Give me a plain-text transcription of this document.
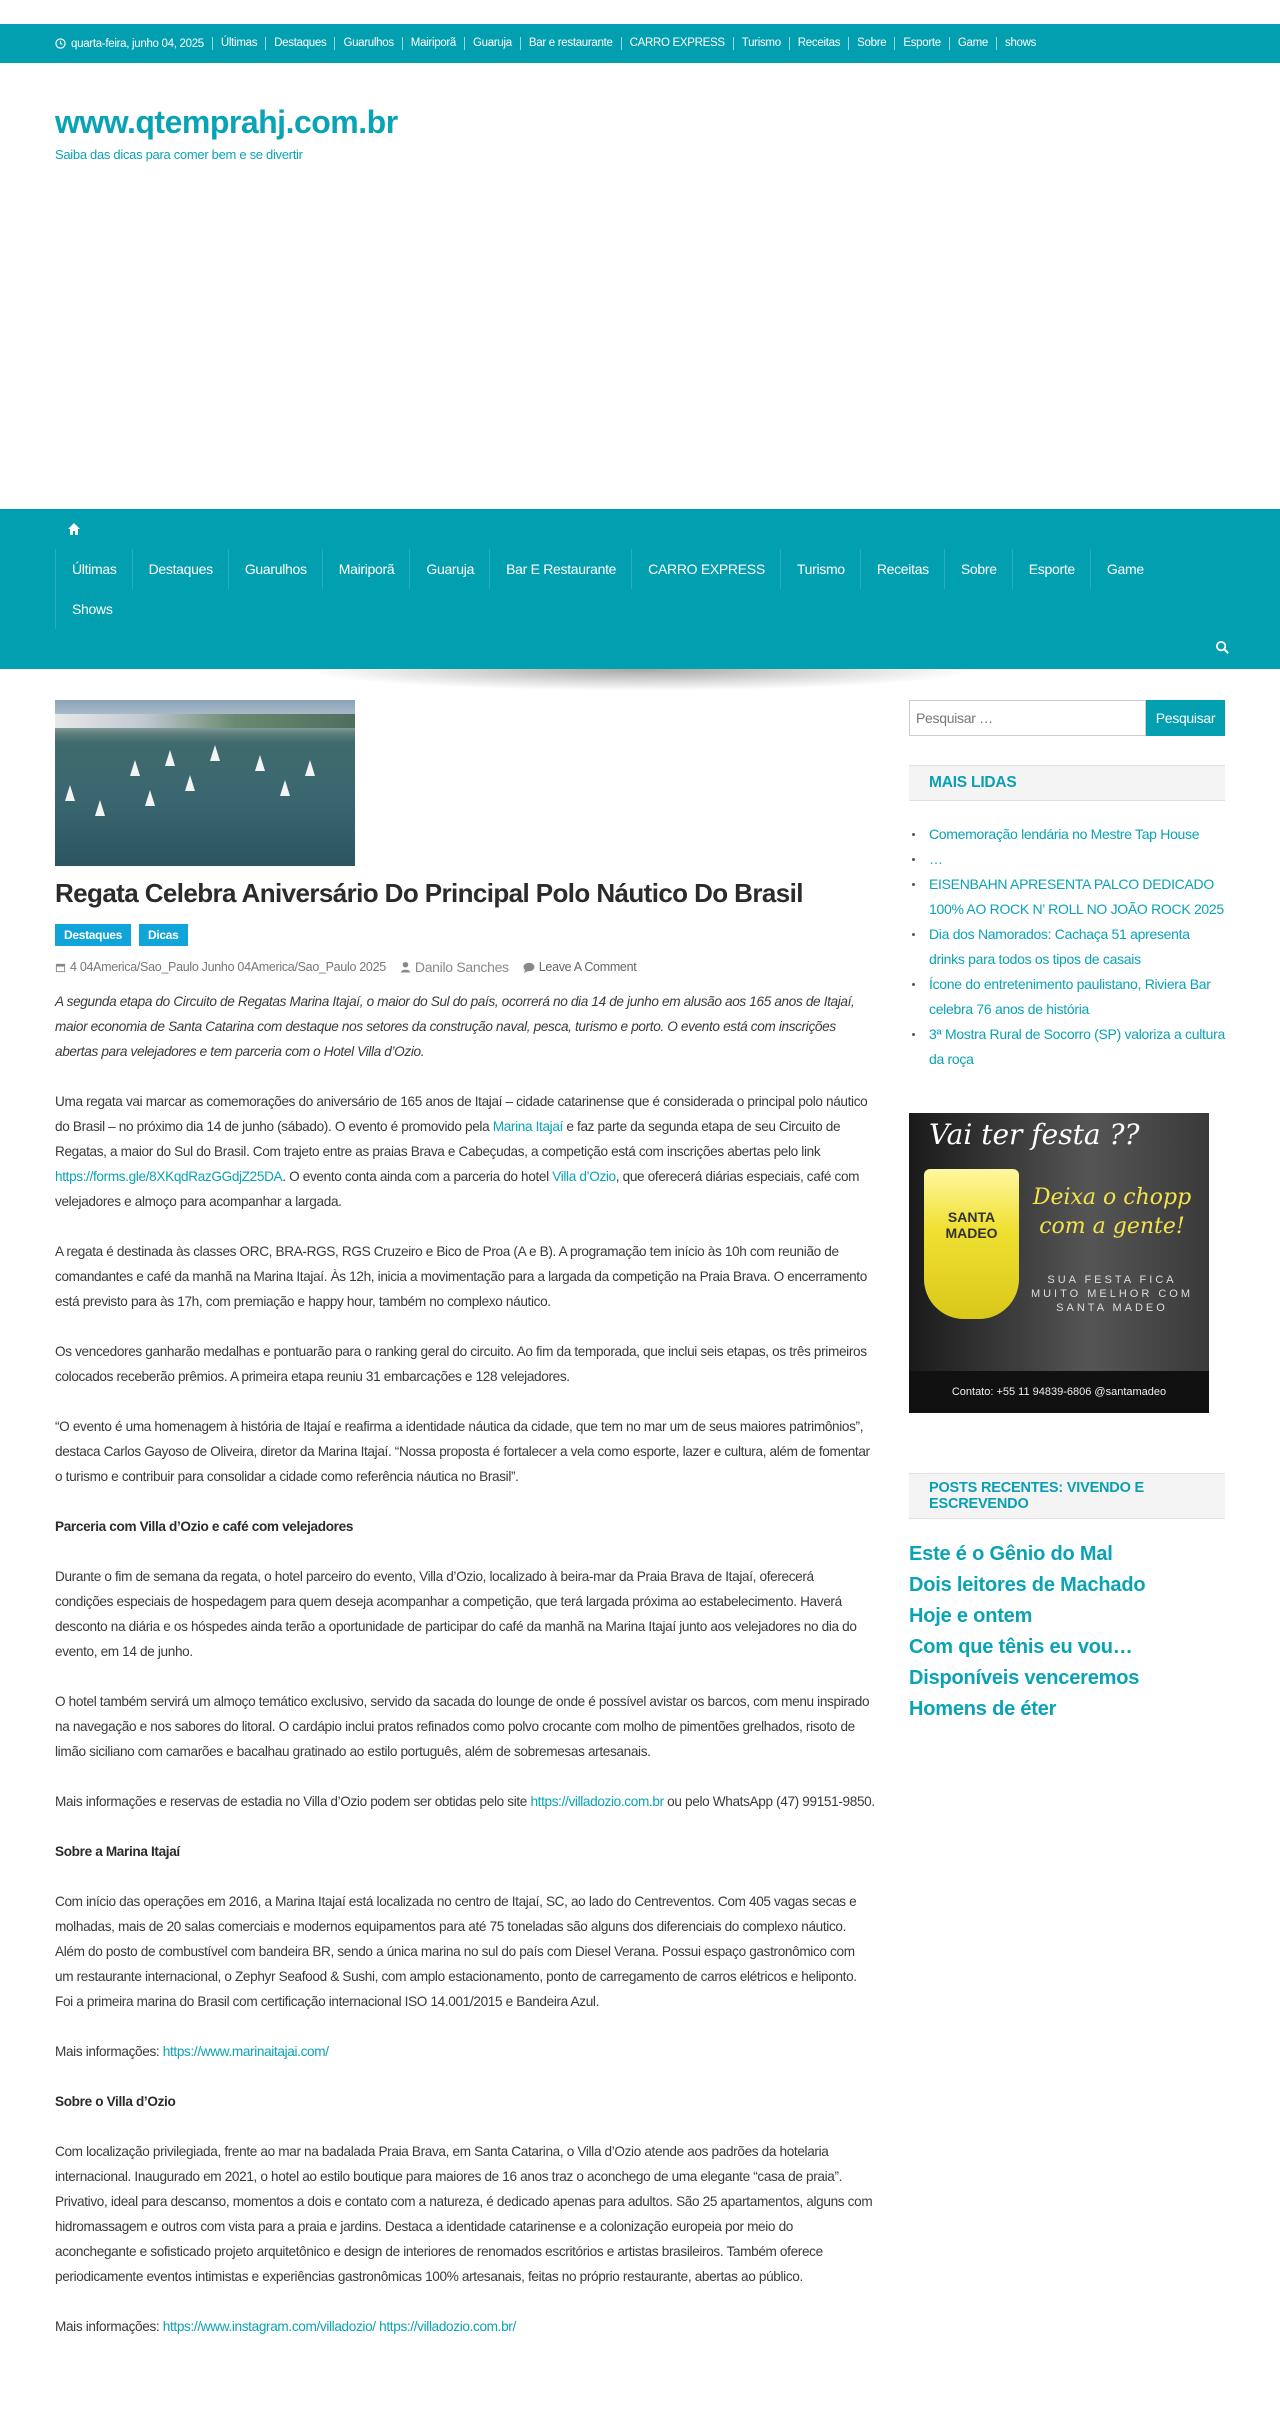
quarta-feira, junho 04, 2025	Últimas	Destaques	Guarulhos	Mairiporã	Guaruja	Bar e restaurante	CARRO EXPRESS	Turismo	Receitas	Sobre	Esporte	Game	shows
www.qtemprahj.com.br
Saiba das dicas para comer bem e se divertir
Últimas	Destaques	Guarulhos	Mairiporã	Guaruja	Bar E Restaurante	CARRO EXPRESS	Turismo	Receitas	Sobre	Esporte	Game
Shows
Regata Celebra Aniversário Do Principal Polo Náutico Do Brasil
Destaques	Dicas
4 04America/Sao_Paulo Junho 04America/Sao_Paulo 2025 Danilo Sanches Leave A Comment

A segunda etapa do Circuito de Regatas Marina Itajaí, o maior do Sul do país, ocorrerá no dia 14 de junho em alusão aos 165 anos de Itajaí, maior economia de Santa Catarina com destaque nos setores da construção naval, pesca, turismo e porto. O evento está com inscrições abertas para velejadores e tem parceria com o Hotel Villa d’Ozio.

Uma regata vai marcar as comemorações do aniversário de 165 anos de Itajaí – cidade catarinense que é considerada o principal polo náutico do Brasil – no próximo dia 14 de junho (sábado). O evento é promovido pela Marina Itajaí e faz parte da segunda etapa de seu Circuito de Regatas, a maior do Sul do Brasil. Com trajeto entre as praias Brava e Cabeçudas, a competição está com inscrições abertas pelo link https://forms.gle/8XKqdRazGGdjZ25DA. O evento conta ainda com a parceria do hotel Villa d’Ozio, que oferecerá diárias especiais, café com velejadores e almoço para acompanhar a largada.

A regata é destinada às classes ORC, BRA-RGS, RGS Cruzeiro e Bico de Proa (A e B). A programação tem início às 10h com reunião de comandantes e café da manhã na Marina Itajaí. Às 12h, inicia a movimentação para a largada da competição na Praia Brava. O encerramento está previsto para às 17h, com premiação e happy hour, também no complexo náutico.

Os vencedores ganharão medalhas e pontuarão para o ranking geral do circuito. Ao fim da temporada, que inclui seis etapas, os três primeiros colocados receberão prêmios. A primeira etapa reuniu 31 embarcações e 128 velejadores.

“O evento é uma homenagem à história de Itajaí e reafirma a identidade náutica da cidade, que tem no mar um de seus maiores patrimônios”, destaca Carlos Gayoso de Oliveira, diretor da Marina Itajaí. “Nossa proposta é fortalecer a vela como esporte, lazer e cultura, além de fomentar o turismo e contribuir para consolidar a cidade como referência náutica no Brasil”.

Parceria com Villa d’Ozio e café com velejadores

Durante o fim de semana da regata, o hotel parceiro do evento, Villa d’Ozio, localizado à beira-mar da Praia Brava de Itajaí, oferecerá condições especiais de hospedagem para quem deseja acompanhar a competição, que terá largada próxima ao estabelecimento. Haverá desconto na diária e os hóspedes ainda terão a oportunidade de participar do café da manhã na Marina Itajaí junto aos velejadores no dia do evento, em 14 de junho.

O hotel também servirá um almoço temático exclusivo, servido da sacada do lounge de onde é possível avistar os barcos, com menu inspirado na navegação e nos sabores do litoral. O cardápio inclui pratos refinados como polvo crocante com molho de pimentões grelhados, risoto de limão siciliano com camarões e bacalhau gratinado ao estilo português, além de sobremesas artesanais.

Mais informações e reservas de estadia no Villa d’Ozio podem ser obtidas pelo site https://villadozio.com.br ou pelo WhatsApp (47) 99151-9850.

Sobre a Marina Itajaí

Com início das operações em 2016, a Marina Itajaí está localizada no centro de Itajaí, SC, ao lado do Centreventos. Com 405 vagas secas e molhadas, mais de 20 salas comerciais e modernos equipamentos para até 75 toneladas são alguns dos diferenciais do complexo náutico. Além do posto de combustível com bandeira BR, sendo a única marina no sul do país com Diesel Verana. Possui espaço gastronômico com um restaurante internacional, o Zephyr Seafood & Sushi, com amplo estacionamento, ponto de carregamento de carros elétricos e heliponto. Foi a primeira marina do Brasil com certificação internacional ISO 14.001/2015 e Bandeira Azul.

Mais informações: https://www.marinaitajai.com/

Sobre o Villa d’Ozio

Com localização privilegiada, frente ao mar na badalada Praia Brava, em Santa Catarina, o Villa d’Ozio atende aos padrões da hotelaria internacional. Inaugurado em 2021, o hotel ao estilo boutique para maiores de 16 anos traz o aconchego de uma elegante “casa de praia”. Privativo, ideal para descanso, momentos a dois e contato com a natureza, é dedicado apenas para adultos. São 25 apartamentos, alguns com hidromassagem e outros com vista para a praia e jardins. Destaca a identidade catarinense e a colonização europeia por meio do aconchegante e sofisticado projeto arquitetônico e design de interiores de renomados escritórios e artistas brasileiros. Também oferece periodicamente eventos intimistas e experiências gastronômicas 100% artesanais, feitas no próprio restaurante, abertas ao público.

Mais informações: https://www.instagram.com/villadozio/ https://villadozio.com.br/

Pesquisar …	Pesquisar
MAIS LIDAS
Comemoração lendária no Mestre Tap House
…
EISENBAHN APRESENTA PALCO DEDICADO 100% AO ROCK N’ ROLL NO JOÃO ROCK 2025
Dia dos Namorados: Cachaça 51 apresenta drinks para todos os tipos de casais
Ícone do entretenimento paulistano, Riviera Bar celebra 76 anos de história
3ª Mostra Rural de Socorro (SP) valoriza a cultura da roça
Vai ter festa ??
SANTA MADEO
Deixa o chopp com a gente!
SUA FESTA FICA MUITO MELHOR COM SANTA MADEO
Contato: +55 11 94839-6806 @santamadeo
POSTS RECENTES: VIVENDO E ESCREVENDO
Este é o Gênio do Mal
Dois leitores de Machado
Hoje e ontem
Com que tênis eu vou…
Disponíveis venceremos
Homens de éter
